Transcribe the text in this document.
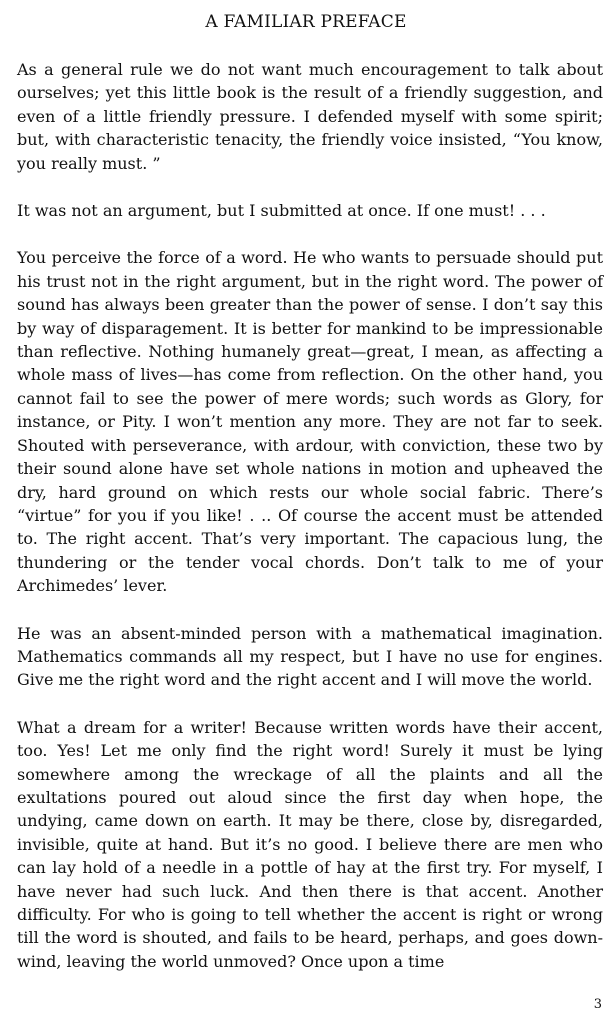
A FAMILIAR PREFACE

As a general rule we do not want much encouragement to talk about ourselves; yet this little book is the result of a friendly suggestion, and even of a little friendly pressure. I defended myself with some spirit; but, with characteristic tenacity, the friendly voice insisted, “You know, you really must. ”

It was not an argument, but I submitted at once. If one must! . . .

You perceive the force of a word. He who wants to persuade should put his trust not in the right argument, but in the right word. The power of sound has always been greater than the power of sense. I don’t say this by way of disparagement. It is better for mankind to be impressionable than reflective. Nothing humanely great—great, I mean, as affecting a whole mass of lives—has come from reflection. On the other hand, you cannot fail to see the power of mere words; such words as Glory, for instance, or Pity. I won’t mention any more. They are not far to seek. Shouted with perseverance, with ardour, with conviction, these two by their sound alone have set whole nations in motion and upheaved the dry, hard ground on which rests our whole social fabric. There’s “virtue” for you if you like! . .. Of course the accent must be attended to. The right accent. That’s very important. The capacious lung, the thundering or the tender vocal chords. Don’t talk to me of your Archimedes’ lever.

He was an absent-minded person with a mathematical imagination. Mathematics commands all my respect, but I have no use for engines. Give me the right word and the right accent and I will move the world.

What a dream for a writer! Because written words have their accent, too. Yes! Let me only find the right word! Surely it must be lying somewhere among the wreckage of all the plaints and all the exultations poured out aloud since the first day when hope, the undying, came down on earth. It may be there, close by, disregarded, invisible, quite at hand. But it’s no good. I believe there are men who can lay hold of a needle in a pottle of hay at the first try. For myself, I have never had such luck. And then there is that accent. Another difficulty. For who is going to tell whether the accent is right or wrong till the word is shouted, and fails to be heard, perhaps, and goes down-wind, leaving the world unmoved? Once upon a time

3
